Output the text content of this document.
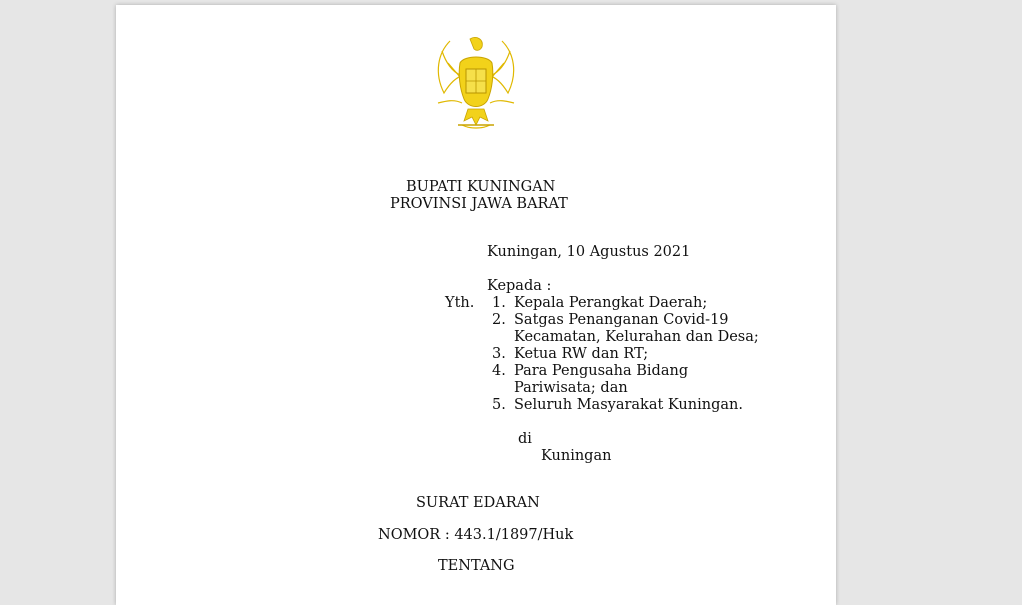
BUPATI KUNINGAN
PROVINSI JAWA BARAT
Kuningan, 10 Agustus 2021
Kepada :
Yth. 1. Kepala Perangkat Daerah;
2. Satgas Penanganan Covid-19
Kecamatan, Kelurahan dan Desa;
3. Ketua RW dan RT;
4. Para Pengusaha Bidang
Pariwisata; dan
5. Seluruh Masyarakat Kuningan.
di
Kuningan
SURAT EDARAN
NOMOR : 443.1/1897/Huk
TENTANG
